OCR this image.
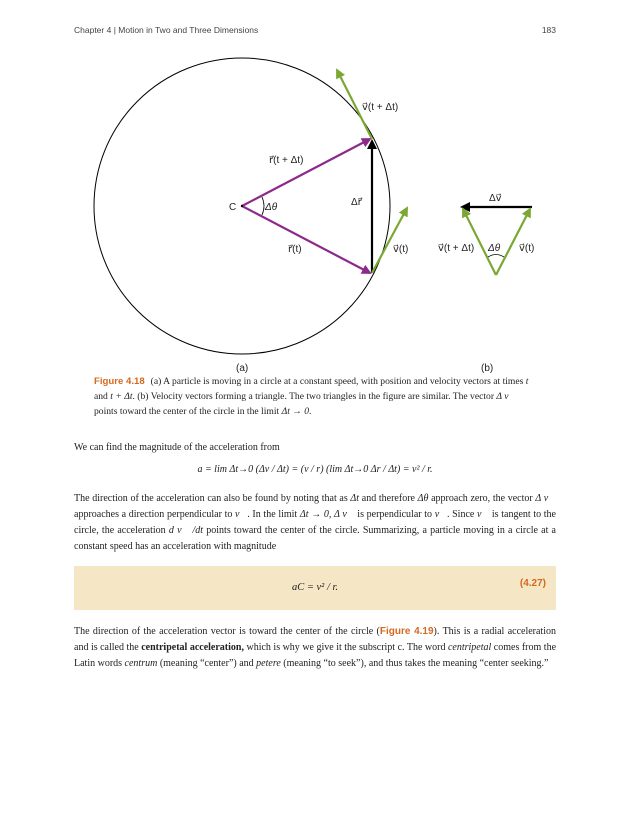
Chapter 4 | Motion in Two and Three Dimensions	183
C	Δθ
r⃗(t + Δt)
r⃗(t)
Δr⃗
v⃗(t + Δt)
v⃗(t)
Δv⃗
v⃗(t + Δt) Δθ v⃗(t)
(a)	(b)
Figure 4.18 (a) A particle is moving in a circle at a constant speed, with position and velocity vectors at times t and t + Δt. (b) Velocity vectors forming a triangle. The two triangles in the figure are similar. The vector Δ v⃗ points toward the center of the circle in the limit Δt → 0.
We can find the magnitude of the acceleration from
a = lim Δt→0 (Δv / Δt) = (v / r) (lim Δt→0 Δr / Δt) = v² / r.
The direction of the acceleration can also be found by noting that as Δt and therefore Δθ approach zero, the vector Δ v⃗ approaches a direction perpendicular to v⃗. In the limit Δt → 0, Δ v⃗ is perpendicular to v⃗. Since v⃗ is tangent to the circle, the acceleration d v⃗ /dt points toward the center of the circle. Summarizing, a particle moving in a circle at a constant speed has an acceleration with magnitude
aC = v² / r.	(4.27)
The direction of the acceleration vector is toward the center of the circle (Figure 4.19). This is a radial acceleration and is called the centripetal acceleration, which is why we give it the subscript c. The word centripetal comes from the Latin words centrum (meaning “center”) and petere (meaning “to seek”), and thus takes the meaning “center seeking.”
